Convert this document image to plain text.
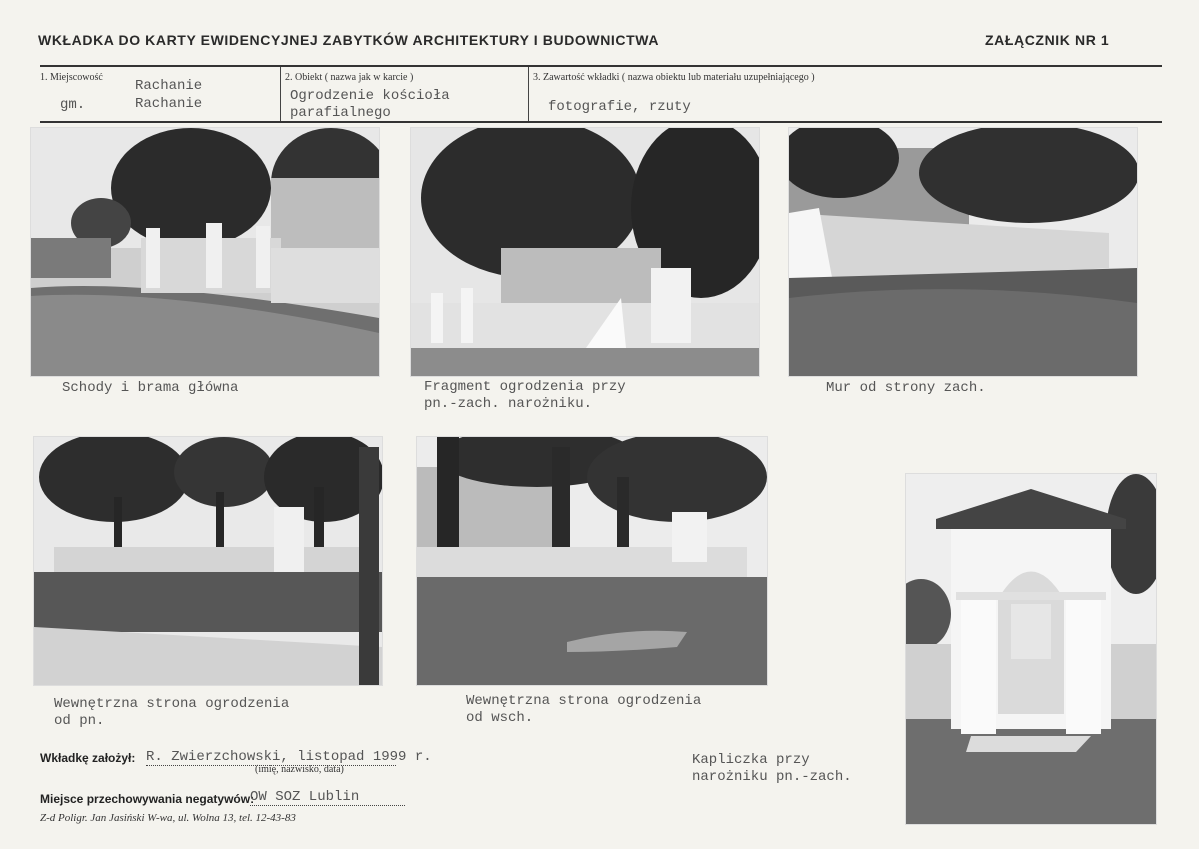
WKŁADKA DO KARTY EWIDENCYJNEJ ZABYTKÓW ARCHITEKTURY I BUDOWNICTWA	ZAŁĄCZNIK NR 1
1. Miejscowość
Rachanie
gm.	Rachanie
2. Obiekt ( nazwa jak w karcie )
Ogrodzenie kościoła
parafialnego
3. Zawartość wkładki ( nazwa obiektu lub materiału uzupełniającego )
fotografie, rzuty
Schody i brama główna	Fragment ogrodzenia przy
pn.-zach. narożniku.
Mur od strony zach.
Wewnętrzna strona ogrodzenia
od pn.
Wewnętrzna strona ogrodzenia
od wsch.
Kapliczka przy
narożniku pn.-zach.
Wkładkę założył: R. Zwierzchowski, listopad 1999 r.
(imię, nazwisko, data)
Miejsce przechowywania negatywów:
OW SOZ Lublin
Z-d Poligr. Jan Jasiński W-wa, ul. Wolna 13, tel. 12-43-83
